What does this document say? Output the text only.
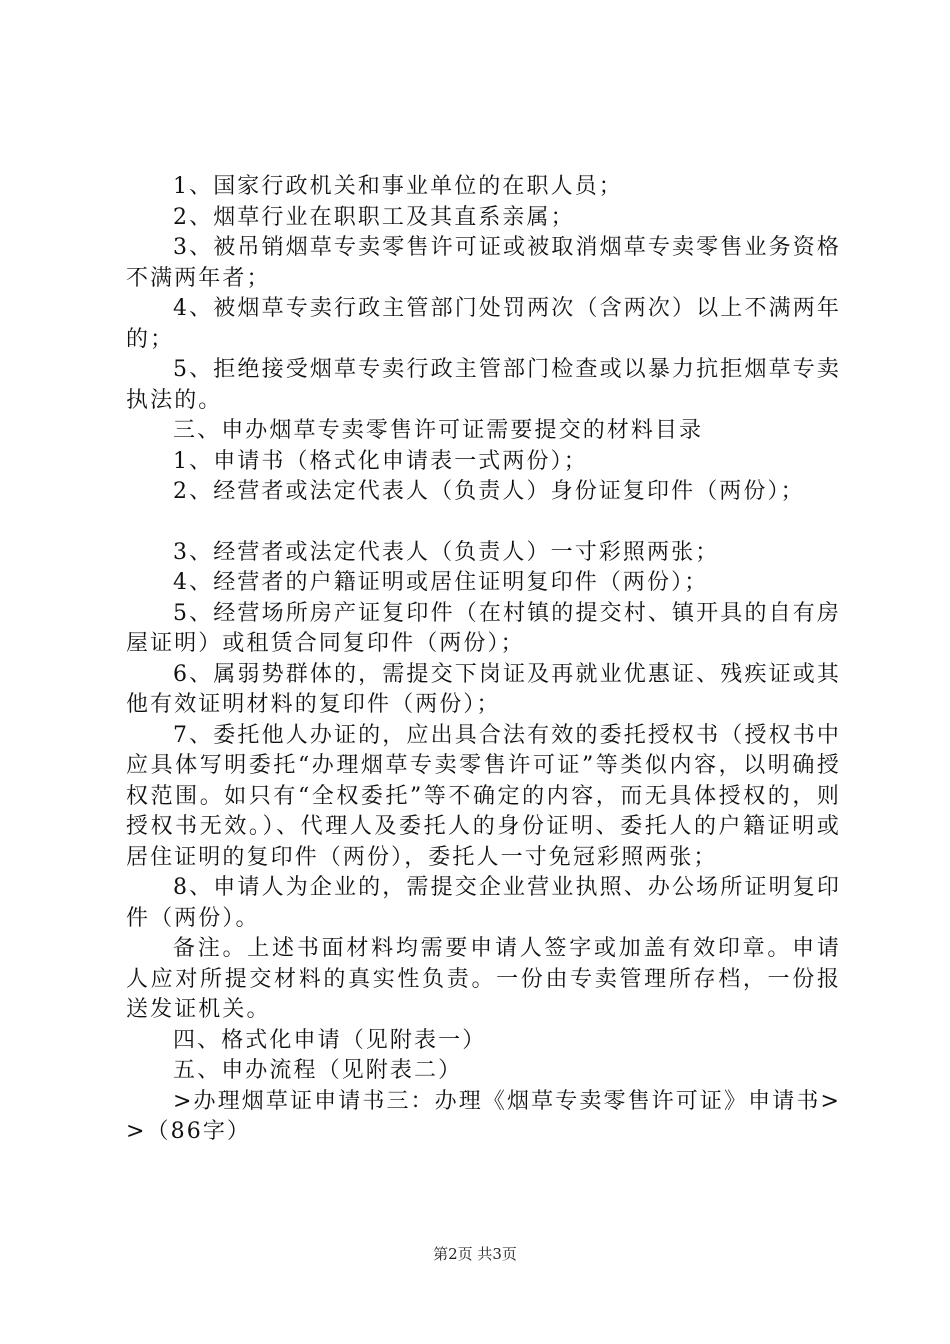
1、国家行政机关和事业单位的在职人员；

2、烟草行业在职职工及其直系亲属；

3、被吊销烟草专卖零售许可证或被取消烟草专卖零售业务资格不满两年者；

4、被烟草专卖行政主管部门处罚两次（含两次）以上不满两年的；

5、拒绝接受烟草专卖行政主管部门检查或以暴力抗拒烟草专卖执法的。

三、申办烟草专卖零售许可证需要提交的材料目录

1、申请书（格式化申请表一式两份）；

2、经营者或法定代表人（负责人）身份证复印件（两份）；

3、经营者或法定代表人（负责人）一寸彩照两张；

4、经营者的户籍证明或居住证明复印件（两份）；

5、经营场所房产证复印件（在村镇的提交村、镇开具的自有房屋证明）或租赁合同复印件（两份）；

6、属弱势群体的，需提交下岗证及再就业优惠证、残疾证或其他有效证明材料的复印件（两份）；

7、委托他人办证的，应出具合法有效的委托授权书（授权书中应具体写明委托“办理烟草专卖零售许可证”等类似内容，以明确授权范围。如只有“全权委托”等不确定的内容，而无具体授权的，则授权书无效。）、代理人及委托人的身份证明、委托人的户籍证明或居住证明的复印件（两份），委托人一寸免冠彩照两张；

8、申请人为企业的，需提交企业营业执照、办公场所证明复印件（两份）。

备注。上述书面材料均需要申请人签字或加盖有效印章。申请人应对所提交材料的真实性负责。一份由专卖管理所存档，一份报送发证机关。

四、格式化申请（见附表一）

五、申办流程（见附表二）

>办理烟草证申请书三：办理《烟草专卖零售许可证》申请书>>（86字）

第2页 共3页
